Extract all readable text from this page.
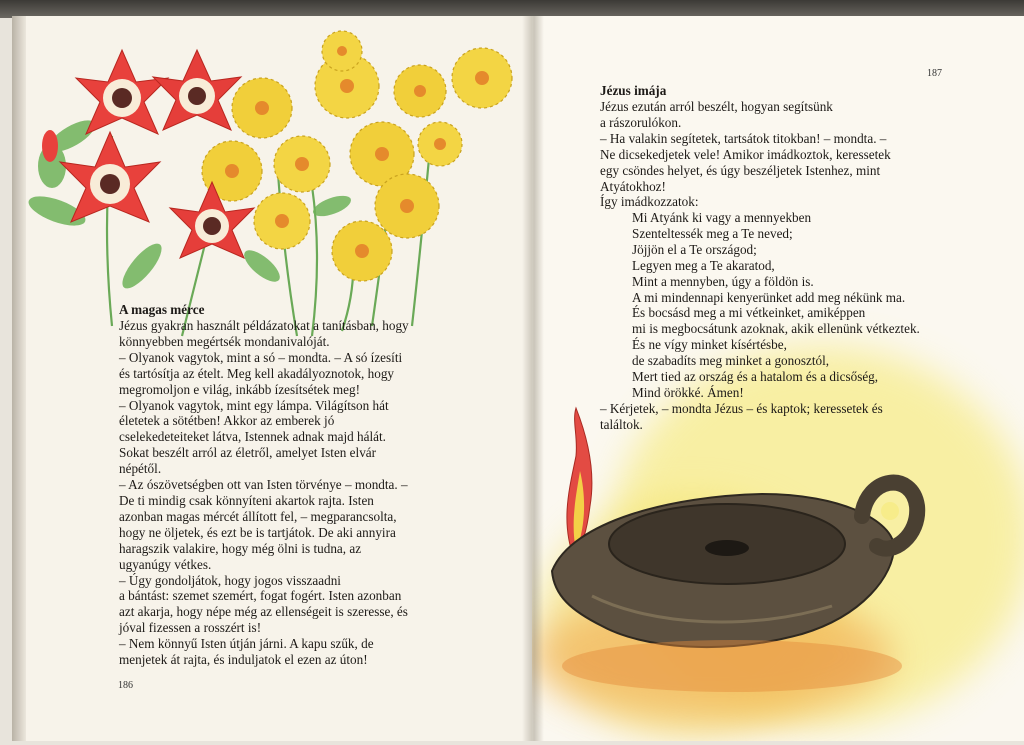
A magas mérce
Jézus gyakran használt példázatokat a tanításban, hogy
könnyebben megértsék mondanivalóját.
– Olyanok vagytok, mint a só – mondta. – A só ízesíti
és tartósítja az ételt. Meg kell akadályoznotok, hogy
megromoljon e világ, inkább ízesítsétek meg!
– Olyanok vagytok, mint egy lámpa. Világítson hát
életetek a sötétben! Akkor az emberek jó
cselekedeteiteket látva, Istennek adnak majd hálát.
Sokat beszélt arról az életről, amelyet Isten elvár
népétől.
– Az ószövetségben ott van Isten törvénye – mondta. –
De ti mindig csak könnyíteni akartok rajta. Isten
azonban magas mércét állított fel, – megparancsolta,
hogy ne öljetek, és ezt be is tartjátok. De aki annyira
haragszik valakire, hogy még ölni is tudna, az
ugyanúgy vétkes.
– Úgy gondoljátok, hogy jogos visszaadni
a bántást: szemet szemért, fogat fogért. Isten azonban
azt akarja, hogy népe még az ellenségeit is szeresse, és
jóval fizessen a rosszért is!
– Nem könnyű Isten útján járni. A kapu szűk, de
menjetek át rajta, és induljatok el ezen az úton!
186
187
Jézus imája
Jézus ezután arról beszélt, hogyan segítsünk
a rászorulókon.
– Ha valakin segítetek, tartsátok titokban! – mondta. –
Ne dicsekedjetek vele! Amikor imádkoztok, keressetek
egy csöndes helyet, és úgy beszéljetek Istenhez, mint
Atyátokhoz!
Így imádkozzatok:
Mi Atyánk ki vagy a mennyekben
Szenteltessék meg a Te neved;
Jöjjön el a Te országod;
Legyen meg a Te akaratod,
Mint a mennyben, úgy a földön is.
A mi mindennapi kenyerünket add meg nékünk ma.
És bocsásd meg a mi vétkeinket, amiképpen
mi is megbocsátunk azoknak, akik ellenünk vétkeztek.
És ne vígy minket kísértésbe,
de szabadíts meg minket a gonosztól,
Mert tied az ország és a hatalom és a dicsőség,
Mind örökké. Ámen!
– Kérjetek, – mondta Jézus – és kaptok; keressetek és
találtok.
